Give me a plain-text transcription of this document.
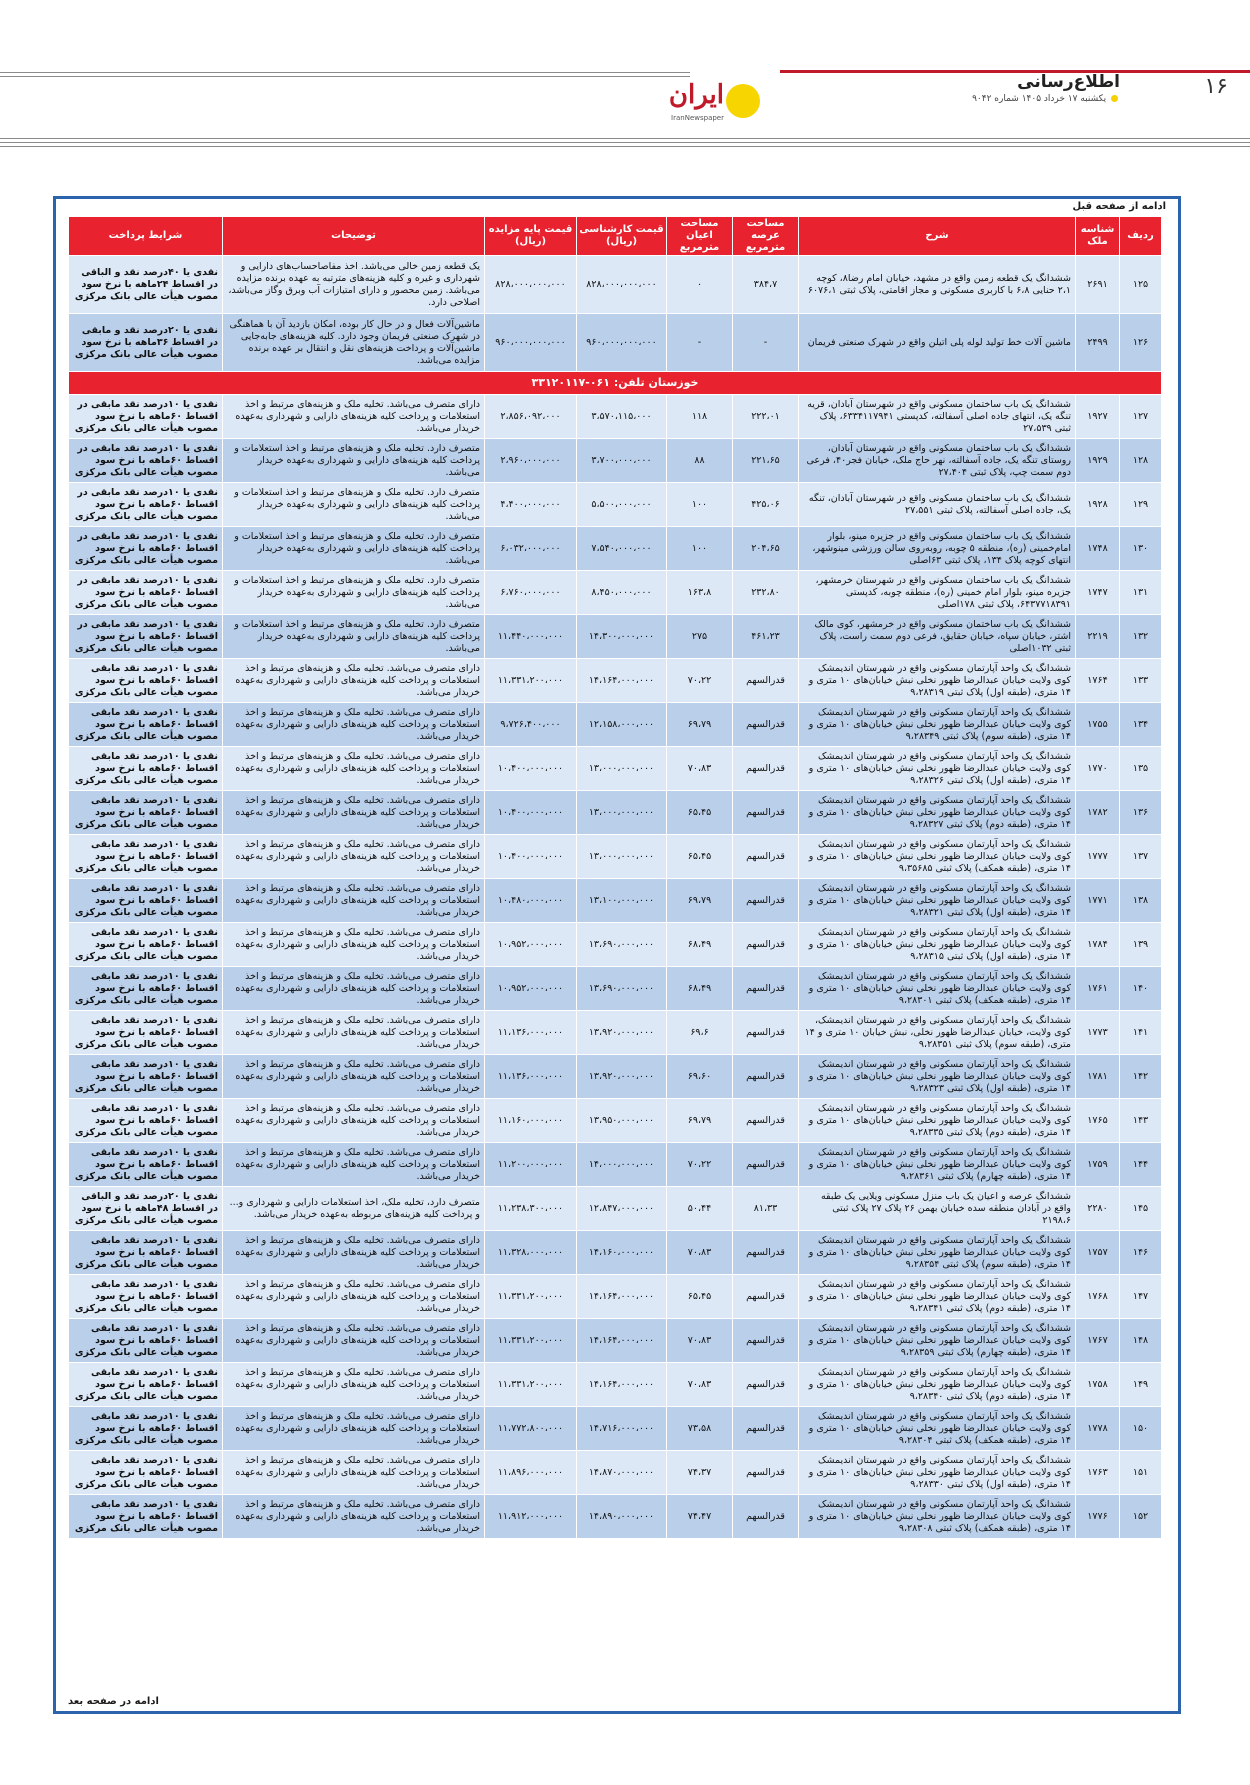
۱۶
اطلاع‌رسانی
یکشنبه ۱۷ خرداد ۱۴۰۵ شماره ۹۰۴۲
ایران
IranNewspaper
ادامه از صفحه قبل
ردیف	شناسه ملک	شرح	مساحت عرصه مترمربع	مساحت اعیان مترمربع	قیمت کارشناسی (ریال)	قیمت پایه مزایده (ریال)	توضیحات	شرایط پرداخت
۱۲۵	۲۶۹۱	ششدانگ یک قطعه زمین واقع در مشهد، خیابان امام رضا۸، کوچه ۲،۱ حنایی ۶،۸ با کاربری مسکونی و مجاز اقامتی، پلاک ثبتی ۶۰۷۶،۱	۳۸۴،۷	۰	۸۲۸،۰۰۰،۰۰۰،۰۰۰	۸۲۸،۰۰۰،۰۰۰،۰۰۰	یک قطعه زمین خالی می‌باشد. اخذ مفاصاحساب‌های دارایی و شهرداری و غیره و کلیه هزینه‌های مترتبه به عهده برنده مزایده می‌باشد. زمین محصور و دارای امتیازات آب وبرق وگاز می‌باشد، اصلاحی دارد.	نقدی یا ۴۰درصد نقد و الباقی در اقساط ۲۴ماهه با نرخ سود مصوب هیأت عالی بانک مرکزی
۱۲۶	۲۴۹۹	ماشین آلات خط تولید لوله پلی اتیلن واقع در شهرک صنعتی فریمان	-	-	۹۶۰،۰۰۰،۰۰۰،۰۰۰	۹۶۰،۰۰۰،۰۰۰،۰۰۰	ماشین‌آلات فعال و در حال کار بوده، امکان بازدید آن با هماهنگی در شهرک صنعتی فریمان وجود دارد. کلیه هزینه‌های جابه‌جایی ماشین‌آلات و پرداخت هزینه‌های نقل و انتقال بر عهده برنده مزایده می‌باشد.	نقدی یا ۲۰درصد نقد و مابقی در اقساط ۳۶ماهه با نرخ سود مصوب هیأت عالی بانک مرکزی
خوزستان تلفن: ۰۶۱-۳۳۱۲۰۱۱۷								
۱۲۷	۱۹۲۷	ششدانگ یک باب ساختمان مسکونی واقع در شهرستان آبادان، قریه تنگه یک، انتهای جاده اصلی آسفالته، کدپستی ۶۳۳۴۱۱۷۹۴۱، پلاک ثبتی ۲۷،۵۳۹	۲۲۲،۰۱	۱۱۸	۳،۵۷۰،۱۱۵،۰۰۰	۲،۸۵۶،۰۹۲،۰۰۰	دارای متصرف می‌باشد. تخلیه ملک و هزینه‌های مرتبط و اخذ استعلامات و پرداخت کلیه هزینه‌های دارایی و شهرداری به‌عهده خریدار می‌باشد.	نقدی یا ۱۰درصد نقد مابقی در اقساط ۶۰ماهه با نرخ سود مصوب هیأت عالی بانک مرکزی
۱۲۸	۱۹۲۹	ششدانگ یک باب ساختمان مسکونی واقع در شهرستان آبادان، روستای تنگه یک، جاده آسفالته، نهر حاج ملک، خیابان فجر۴۰، فرعی دوم سمت چپ، پلاک ثبتی ۲۷،۴۰۴	۲۲۱،۶۵	۸۸	۳،۷۰۰،۰۰۰،۰۰۰	۲،۹۶۰،۰۰۰،۰۰۰	متصرف دارد. تخلیه ملک و هزینه‌های مرتبط و اخذ استعلامات و پرداخت کلیه هزینه‌های دارایی و شهرداری به‌عهده خریدار می‌باشد.	نقدی یا ۱۰درصد نقد مابقی در اقساط ۶۰ماهه با نرخ سود مصوب هیأت عالی بانک مرکزی
۱۲۹	۱۹۲۸	ششدانگ یک باب ساختمان مسکونی واقع در شهرستان آبادان، تنگه یک، جاده اصلی آسفالته، پلاک ثبتی ۲۷،۵۵۱	۴۲۵،۰۶	۱۰۰	۵،۵۰۰،۰۰۰،۰۰۰	۴،۴۰۰،۰۰۰،۰۰۰	متصرف دارد. تخلیه ملک و هزینه‌های مرتبط و اخذ استعلامات و پرداخت کلیه هزینه‌های دارایی و شهرداری به‌عهده خریدار می‌باشد.	نقدی یا ۱۰درصد نقد مابقی در اقساط ۶۰ماهه با نرخ سود مصوب هیأت عالی بانک مرکزی
۱۳۰	۱۷۴۸	ششدانگ یک باب ساختمان مسکونی واقع در جزیره مینو، بلوار امام‌خمینی (ره)، منطقه ۵ چوبه، روبه‌روی سالن ورزشی مینوشهر، انتهای کوچه پلاک ۱۳۴، پلاک ثبتی ۶۳اصلی	۲۰۴،۶۵	۱۰۰	۷،۵۴۰،۰۰۰،۰۰۰	۶،۰۳۲،۰۰۰،۰۰۰	متصرف دارد. تخلیه ملک و هزینه‌های مرتبط و اخذ استعلامات و پرداخت کلیه هزینه‌های دارایی و شهرداری به‌عهده خریدار می‌باشد.	نقدی یا ۱۰درصد نقد مابقی در اقساط ۶۰ماهه با نرخ سود مصوب هیأت عالی بانک مرکزی
۱۳۱	۱۷۴۷	ششدانگ یک باب ساختمان مسکونی واقع در شهرستان خرمشهر، جزیره مینو، بلوار امام خمینی (ره)، منطقه چوبه، کدپستی ۶۴۳۷۷۱۸۳۹۱، پلاک ثبتی ۱۷۸اصلی	۲۳۲،۸۰	۱۶۳،۸	۸،۴۵۰،۰۰۰،۰۰۰	۶،۷۶۰،۰۰۰،۰۰۰	متصرف دارد. تخلیه ملک و هزینه‌های مرتبط و اخذ استعلامات و پرداخت کلیه هزینه‌های دارایی و شهرداری به‌عهده خریدار می‌باشد.	نقدی یا ۱۰درصد نقد مابقی در اقساط ۶۰ماهه با نرخ سود مصوب هیأت عالی بانک مرکزی
۱۳۲	۲۲۱۹	ششدانگ یک باب ساختمان مسکونی واقع در خرمشهر، کوی مالک اشتر، خیابان سپاه، خیابان حقایق، فرعی دوم سمت راست، پلاک ثبتی ۱۰۳۲اصلی	۴۶۱،۲۳	۲۷۵	۱۴،۳۰۰،۰۰۰،۰۰۰	۱۱،۴۴۰،۰۰۰،۰۰۰	متصرف دارد. تخلیه ملک و هزینه‌های مرتبط و اخذ استعلامات و پرداخت کلیه هزینه‌های دارایی و شهرداری به‌عهده خریدار می‌باشد.	نقدی یا ۱۰درصد نقد مابقی در اقساط ۶۰ماهه با نرخ سود مصوب هیأت عالی بانک مرکزی
۱۳۳	۱۷۶۴	ششدانگ یک واحد آپارتمان مسکونی واقع در شهرستان اندیمشک کوی ولایت خیابان عبدالرضا ظهور نخلی نبش خیابان‌های ۱۰ متری و ۱۴ متری، (طبقه اول) پلاک ثبتی ۹،۲۸۳۱۹	قدرالسهم	۷۰،۲۲	۱۴،۱۶۴،۰۰۰،۰۰۰	۱۱،۳۳۱،۲۰۰،۰۰۰	دارای متصرف می‌باشد. تخلیه ملک و هزینه‌های مرتبط و اخذ استعلامات و پرداخت کلیه هزینه‌های دارایی و شهرداری به‌عهده خریدار می‌باشد.	نقدی یا ۱۰درصد نقد مابقی اقساط ۶۰ماهه با نرخ سود مصوب هیأت عالی بانک مرکزی
۱۳۴	۱۷۵۵	ششدانگ یک واحد آپارتمان مسکونی واقع در شهرستان اندیمشک کوی ولایت خیابان عبدالرضا ظهور نخلی نبش خیابان‌های ۱۰ متری و ۱۴ متری، (طبقه سوم) پلاک ثبتی ۹،۲۸۳۴۹	قدرالسهم	۶۹،۷۹	۱۲،۱۵۸،۰۰۰،۰۰۰	۹،۷۲۶،۴۰۰،۰۰۰	دارای متصرف می‌باشد. تخلیه ملک و هزینه‌های مرتبط و اخذ استعلامات و پرداخت کلیه هزینه‌های دارایی و شهرداری به‌عهده خریدار می‌باشد.	نقدی یا ۱۰درصد نقد مابقی اقساط ۶۰ماهه با نرخ سود مصوب هیأت عالی بانک مرکزی
۱۳۵	۱۷۷۰	ششدانگ یک واحد آپارتمان مسکونی واقع در شهرستان اندیمشک کوی ولایت خیابان عبدالرضا ظهور نخلی نبش خیابان‌های ۱۰ متری و ۱۴ متری، (طبقه اول) پلاک ثبتی ۹،۲۸۳۲۶	قدرالسهم	۷۰،۸۳	۱۳،۰۰۰،۰۰۰،۰۰۰	۱۰،۴۰۰،۰۰۰،۰۰۰	دارای متصرف می‌باشد. تخلیه ملک و هزینه‌های مرتبط و اخذ استعلامات و پرداخت کلیه هزینه‌های دارایی و شهرداری به‌عهده خریدار می‌باشد.	نقدی یا ۱۰درصد نقد مابقی اقساط ۶۰ماهه با نرخ سود مصوب هیأت عالی بانک مرکزی
۱۳۶	۱۷۸۲	ششدانگ یک واحد آپارتمان مسکونی واقع در شهرستان اندیمشک کوی ولایت خیابان عبدالرضا ظهور نخلی نبش خیابان‌های ۱۰ متری و ۱۴ متری، (طبقه دوم) پلاک ثبتی ۹،۲۸۳۲۷	قدرالسهم	۶۵،۴۵	۱۳،۰۰۰،۰۰۰،۰۰۰	۱۰،۴۰۰،۰۰۰،۰۰۰	دارای متصرف می‌باشد. تخلیه ملک و هزینه‌های مرتبط و اخذ استعلامات و پرداخت کلیه هزینه‌های دارایی و شهرداری به‌عهده خریدار می‌باشد.	نقدی یا ۱۰درصد نقد مابقی اقساط ۶۰ماهه با نرخ سود مصوب هیأت عالی بانک مرکزی
۱۳۷	۱۷۷۷	ششدانگ یک واحد آپارتمان مسکونی واقع در شهرستان اندیمشک کوی ولایت خیابان عبدالرضا ظهور نخلی نبش خیابان‌های ۱۰ متری و ۱۴ متری، (طبقه همکف) پلاک ثبتی ۹،۳۵۶۸۵	قدرالسهم	۶۵،۴۵	۱۳،۰۰۰،۰۰۰،۰۰۰	۱۰،۴۰۰،۰۰۰،۰۰۰	دارای متصرف می‌باشد. تخلیه ملک و هزینه‌های مرتبط و اخذ استعلامات و پرداخت کلیه هزینه‌های دارایی و شهرداری به‌عهده خریدار می‌باشد.	نقدی یا ۱۰درصد نقد مابقی اقساط ۶۰ماهه با نرخ سود مصوب هیأت عالی بانک مرکزی
۱۳۸	۱۷۷۱	ششدانگ یک واحد آپارتمان مسکونی واقع در شهرستان اندیمشک کوی ولایت خیابان عبدالرضا ظهور نخلی نبش خیابان‌های ۱۰ متری و ۱۴ متری، (طبقه اول) پلاک ثبتی ۹،۲۸۳۲۱	قدرالسهم	۶۹،۷۹	۱۳،۱۰۰،۰۰۰،۰۰۰	۱۰،۴۸۰،۰۰۰،۰۰۰	دارای متصرف می‌باشد. تخلیه ملک و هزینه‌های مرتبط و اخذ استعلامات و پرداخت کلیه هزینه‌های دارایی و شهرداری به‌عهده خریدار می‌باشد.	نقدی یا ۱۰درصد نقد مابقی اقساط ۶۰ماهه با نرخ سود مصوب هیأت عالی بانک مرکزی
۱۳۹	۱۷۸۴	ششدانگ یک واحد آپارتمان مسکونی واقع در شهرستان اندیمشک کوی ولایت خیابان عبدالرضا ظهور نخلی نبش خیابان‌های ۱۰ متری و ۱۴ متری، (طبقه اول) پلاک ثبتی ۹،۲۸۳۱۵	قدرالسهم	۶۸،۴۹	۱۳،۶۹۰،۰۰۰،۰۰۰	۱۰،۹۵۲،۰۰۰،۰۰۰	دارای متصرف می‌باشد. تخلیه ملک و هزینه‌های مرتبط و اخذ استعلامات و پرداخت کلیه هزینه‌های دارایی و شهرداری به‌عهده خریدار می‌باشد.	نقدی یا ۱۰درصد نقد مابقی اقساط ۶۰ماهه با نرخ سود مصوب هیأت عالی بانک مرکزی
۱۴۰	۱۷۶۱	ششدانگ یک واحد آپارتمان مسکونی واقع در شهرستان اندیمشک کوی ولایت خیابان عبدالرضا ظهور نخلی نبش خیابان‌های ۱۰ متری و ۱۴ متری، (طبقه همکف) پلاک ثبتی ۹،۲۸۳۰۱	قدرالسهم	۶۸،۴۹	۱۳،۶۹۰،۰۰۰،۰۰۰	۱۰،۹۵۲،۰۰۰،۰۰۰	دارای متصرف می‌باشد. تخلیه ملک و هزینه‌های مرتبط و اخذ استعلامات و پرداخت کلیه هزینه‌های دارایی و شهرداری به‌عهده خریدار می‌باشد.	نقدی یا ۱۰درصد نقد مابقی اقساط ۶۰ماهه با نرخ سود مصوب هیأت عالی بانک مرکزی
۱۴۱	۱۷۷۳	ششدانگ یک واحد آپارتمان مسکونی واقع در شهرستان اندیمشک، کوی ولایت، خیابان عبدالرضا ظهور نخلی، نبش خیابان ۱۰ متری و ۱۴ متری، (طبقه سوم) پلاک ثبتی ۹،۲۸۳۵۱	قدرالسهم	۶۹،۶	۱۳،۹۲۰،۰۰۰،۰۰۰	۱۱،۱۳۶،۰۰۰،۰۰۰	دارای متصرف می‌باشد. تخلیه ملک و هزینه‌های مرتبط و اخذ استعلامات و پرداخت کلیه هزینه‌های دارایی و شهرداری به‌عهده خریدار می‌باشد.	نقدی یا ۱۰درصد نقد مابقی اقساط ۶۰ماهه با نرخ سود مصوب هیأت عالی بانک مرکزی
۱۴۲	۱۷۸۱	ششدانگ یک واحد آپارتمان مسکونی واقع در شهرستان اندیمشک کوی ولایت خیابان عبدالرضا ظهور نخلی نبش خیابان‌های ۱۰ متری و ۱۴ متری، (طبقه اول) پلاک ثبتی ۹،۲۸۳۲۳	قدرالسهم	۶۹،۶۰	۱۳،۹۲۰،۰۰۰،۰۰۰	۱۱،۱۳۶،۰۰۰،۰۰۰	دارای متصرف می‌باشد. تخلیه ملک و هزینه‌های مرتبط و اخذ استعلامات و پرداخت کلیه هزینه‌های دارایی و شهرداری به‌عهده خریدار می‌باشد.	نقدی یا ۱۰درصد نقد مابقی اقساط ۶۰ماهه با نرخ سود مصوب هیأت عالی بانک مرکزی
۱۴۳	۱۷۶۵	ششدانگ یک واحد آپارتمان مسکونی واقع در شهرستان اندیمشک کوی ولایت خیابان عبدالرضا ظهور نخلی نبش خیابان‌های ۱۰ متری و ۱۴ متری، (طبقه دوم) پلاک ثبتی ۹،۲۸۳۳۵	قدرالسهم	۶۹،۷۹	۱۳،۹۵۰،۰۰۰،۰۰۰	۱۱،۱۶۰،۰۰۰،۰۰۰	دارای متصرف می‌باشد. تخلیه ملک و هزینه‌های مرتبط و اخذ استعلامات و پرداخت کلیه هزینه‌های دارایی و شهرداری به‌عهده خریدار می‌باشد.	نقدی یا ۱۰درصد نقد مابقی اقساط ۶۰ماهه با نرخ سود مصوب هیأت عالی بانک مرکزی
۱۴۴	۱۷۵۹	ششدانگ یک واحد آپارتمان مسکونی واقع در شهرستان اندیمشک کوی ولایت خیابان عبدالرضا ظهور نخلی نبش خیابان‌های ۱۰ متری و ۱۴ متری، (طبقه چهارم) پلاک ثبتی ۹،۲۸۳۶۱	قدرالسهم	۷۰،۲۲	۱۴،۰۰۰،۰۰۰،۰۰۰	۱۱،۲۰۰،۰۰۰،۰۰۰	دارای متصرف می‌باشد. تخلیه ملک و هزینه‌های مرتبط و اخذ استعلامات و پرداخت کلیه هزینه‌های دارایی و شهرداری به‌عهده خریدار می‌باشد.	نقدی یا ۱۰درصد نقد مابقی اقساط ۶۰ماهه با نرخ سود مصوب هیأت عالی بانک مرکزی
۱۴۵	۲۲۸۰	ششدانگ عرصه و اعیان یک باب منزل مسکونی ویلایی یک طبقه واقع در آبادان منطقه سده خیابان بهمن ۲۶ پلاک ۲۷ پلاک ثبتی ۲۱۹۸،۶	۸۱،۳۳	۵۰،۴۴	۱۲،۸۴۷،۰۰۰،۰۰۰	۱۱،۲۳۸،۳۰۰،۰۰۰	متصرف دارد، تخلیه ملک، اخذ استعلامات دارایی و شهرداری و... و پرداخت کلیه هزینه‌های مربوطه به‌عهده خریدار می‌باشد.	نقدی یا ۲۰درصد نقد و الباقی در اقساط ۴۸ماهه با نرخ سود مصوب هیأت عالی بانک مرکزی
۱۴۶	۱۷۵۷	ششدانگ یک واحد آپارتمان مسکونی واقع در شهرستان اندیمشک کوی ولایت خیابان عبدالرضا ظهور نخلی نبش خیابان‌های ۱۰ متری و ۱۴ متری، (طبقه سوم) پلاک ثبتی ۹،۲۸۳۵۴	قدرالسهم	۷۰،۸۳	۱۴،۱۶۰،۰۰۰،۰۰۰	۱۱،۳۲۸،۰۰۰،۰۰۰	دارای متصرف می‌باشد. تخلیه ملک و هزینه‌های مرتبط و اخذ استعلامات و پرداخت کلیه هزینه‌های دارایی و شهرداری به‌عهده خریدار می‌باشد.	نقدی یا ۱۰درصد نقد مابقی اقساط ۶۰ماهه با نرخ سود مصوب هیأت عالی بانک مرکزی
۱۴۷	۱۷۶۸	ششدانگ یک واحد آپارتمان مسکونی واقع در شهرستان اندیمشک کوی ولایت خیابان عبدالرضا ظهور نخلی نبش خیابان‌های ۱۰ متری و ۱۴ متری، (طبقه دوم) پلاک ثبتی ۹،۲۸۳۴۱	قدرالسهم	۶۵،۴۵	۱۴،۱۶۴،۰۰۰،۰۰۰	۱۱،۳۳۱،۲۰۰،۰۰۰	دارای متصرف می‌باشد. تخلیه ملک و هزینه‌های مرتبط و اخذ استعلامات و پرداخت کلیه هزینه‌های دارایی و شهرداری به‌عهده خریدار می‌باشد.	نقدی یا ۱۰درصد نقد مابقی اقساط ۶۰ماهه با نرخ سود مصوب هیأت عالی بانک مرکزی
۱۴۸	۱۷۶۷	ششدانگ یک واحد آپارتمان مسکونی واقع در شهرستان اندیمشک کوی ولایت خیابان عبدالرضا ظهور نخلی نبش خیابان‌های ۱۰ متری و ۱۴ متری، (طبقه چهارم) پلاک ثبتی ۹،۲۸۳۵۹	قدرالسهم	۷۰،۸۳	۱۴،۱۶۴،۰۰۰،۰۰۰	۱۱،۳۳۱،۲۰۰،۰۰۰	دارای متصرف می‌باشد. تخلیه ملک و هزینه‌های مرتبط و اخذ استعلامات و پرداخت کلیه هزینه‌های دارایی و شهرداری به‌عهده خریدار می‌باشد.	نقدی یا ۱۰درصد نقد مابقی اقساط ۶۰ماهه با نرخ سود مصوب هیأت عالی بانک مرکزی
۱۴۹	۱۷۵۸	ششدانگ یک واحد آپارتمان مسکونی واقع در شهرستان اندیمشک کوی ولایت خیابان عبدالرضا ظهور نخلی نبش خیابان‌های ۱۰ متری و ۱۴ متری، (طبقه دوم) پلاک ثبتی ۹،۲۸۳۴۰	قدرالسهم	۷۰،۸۳	۱۴،۱۶۴،۰۰۰،۰۰۰	۱۱،۳۳۱،۲۰۰،۰۰۰	دارای متصرف می‌باشد. تخلیه ملک و هزینه‌های مرتبط و اخذ استعلامات و پرداخت کلیه هزینه‌های دارایی و شهرداری به‌عهده خریدار می‌باشد.	نقدی یا ۱۰درصد نقد مابقی اقساط ۶۰ماهه با نرخ سود مصوب هیأت عالی بانک مرکزی
۱۵۰	۱۷۷۸	ششدانگ یک واحد آپارتمان مسکونی واقع در شهرستان اندیمشک کوی ولایت خیابان عبدالرضا ظهور نخلی نبش خیابان‌های ۱۰ متری و ۱۴ متری، (طبقه همکف) پلاک ثبتی ۹،۲۸۳۰۴	قدرالسهم	۷۳،۵۸	۱۴،۷۱۶،۰۰۰،۰۰۰	۱۱،۷۷۲،۸۰۰،۰۰۰	دارای متصرف می‌باشد. تخلیه ملک و هزینه‌های مرتبط و اخذ استعلامات و پرداخت کلیه هزینه‌های دارایی و شهرداری به‌عهده خریدار می‌باشد.	نقدی یا ۱۰درصد نقد مابقی اقساط ۶۰ماهه با نرخ سود مصوب هیأت عالی بانک مرکزی
۱۵۱	۱۷۶۳	ششدانگ یک واحد آپارتمان مسکونی واقع در شهرستان اندیمشک کوی ولایت خیابان عبدالرضا ظهور نخلی نبش خیابان‌های ۱۰ متری و ۱۴ متری، (طبقه اول) پلاک ثبتی ۹،۲۸۳۳۰	قدرالسهم	۷۴،۳۷	۱۴،۸۷۰،۰۰۰،۰۰۰	۱۱،۸۹۶،۰۰۰،۰۰۰	دارای متصرف می‌باشد. تخلیه ملک و هزینه‌های مرتبط و اخذ استعلامات و پرداخت کلیه هزینه‌های دارایی و شهرداری به‌عهده خریدار می‌باشد.	نقدی یا ۱۰درصد نقد مابقی اقساط ۶۰ماهه با نرخ سود مصوب هیأت عالی بانک مرکزی
۱۵۲	۱۷۷۶	ششدانگ یک واحد آپارتمان مسکونی واقع در شهرستان اندیمشک کوی ولایت خیابان عبدالرضا ظهور نخلی نبش خیابان‌های ۱۰ متری و ۱۴ متری، (طبقه همکف) پلاک ثبتی ۹،۲۸۳۰۸	قدرالسهم	۷۴،۴۷	۱۴،۸۹۰،۰۰۰،۰۰۰	۱۱،۹۱۲،۰۰۰،۰۰۰	دارای متصرف می‌باشد. تخلیه ملک و هزینه‌های مرتبط و اخذ استعلامات و پرداخت کلیه هزینه‌های دارایی و شهرداری به‌عهده خریدار می‌باشد.	نقدی یا ۱۰درصد نقد مابقی اقساط ۶۰ماهه با نرخ سود مصوب هیأت عالی بانک مرکزی
ادامه در صفحه بعد
